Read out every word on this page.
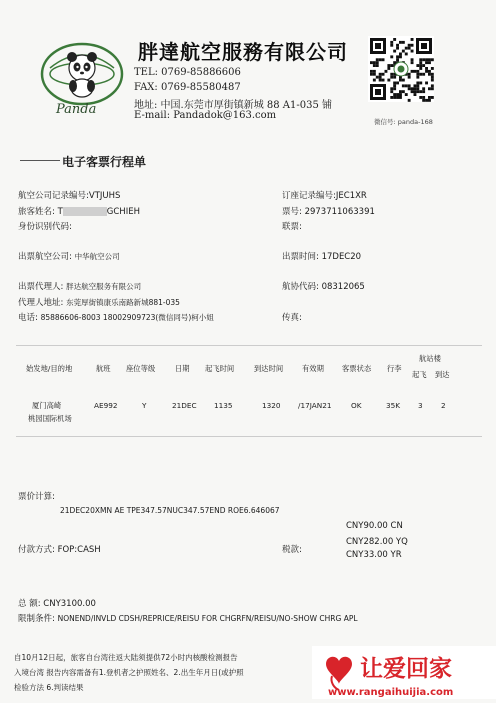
Panda
胖達航空服務有限公司
TEL: 0769-85886606
FAX: 0769-85580487
地址: 中国.东莞市厚街镇新城 88 A1-035 铺
E-mail: Pandadok@163.com
微信号: panda-168
电子客票行程单
航空公司记录编号:VTJUHS	订座记录编号:JEC1XR
旅客姓名: T	GCHIEH	票号: 2973711063391
身份识别代码:	联票:
出票航空公司: 中华航空公司	出票时间: 17DEC20
出票代理人: 胖达航空服务有限公司	航协代码: 08312065
代理人地址: 东莞厚街镇康乐南路新城881-035
电话: 85886606-8003 18002909723(微信同号)柯小姐	传真:
始发地/目的地	航班 座位等级	日期 起飞时间	到达时间	有效期 客票状态 行李
航站楼
起飞 到达
厦门高崎
桃园国际机场
AE992	Y	21DEC 1135	1320 /17JAN21	OK	35K 3	2
票价计算:
21DEC20XMN AE TPE347.57NUC347.57END ROE6.646067
CNY90.00 CN
付款方式: FOP:CASH	税款:
CNY282.00 YQ
CNY33.00 YR
总 额: CNY3100.00
限制条件: NONEND/INVLD CDSH/REPRICE/REISU FOR CHGRFN/REISU/NO-SHOW CHRG APL
自10月12日起，旅客自台湾往返大陆须提供72小时内核酸检测报告
入境台湾 报告内容需备有1.登机者之护照姓名、2.出生年月日(或护照
检验方法 6.判读结果
让爱回家
www.rangaihuijia.com
